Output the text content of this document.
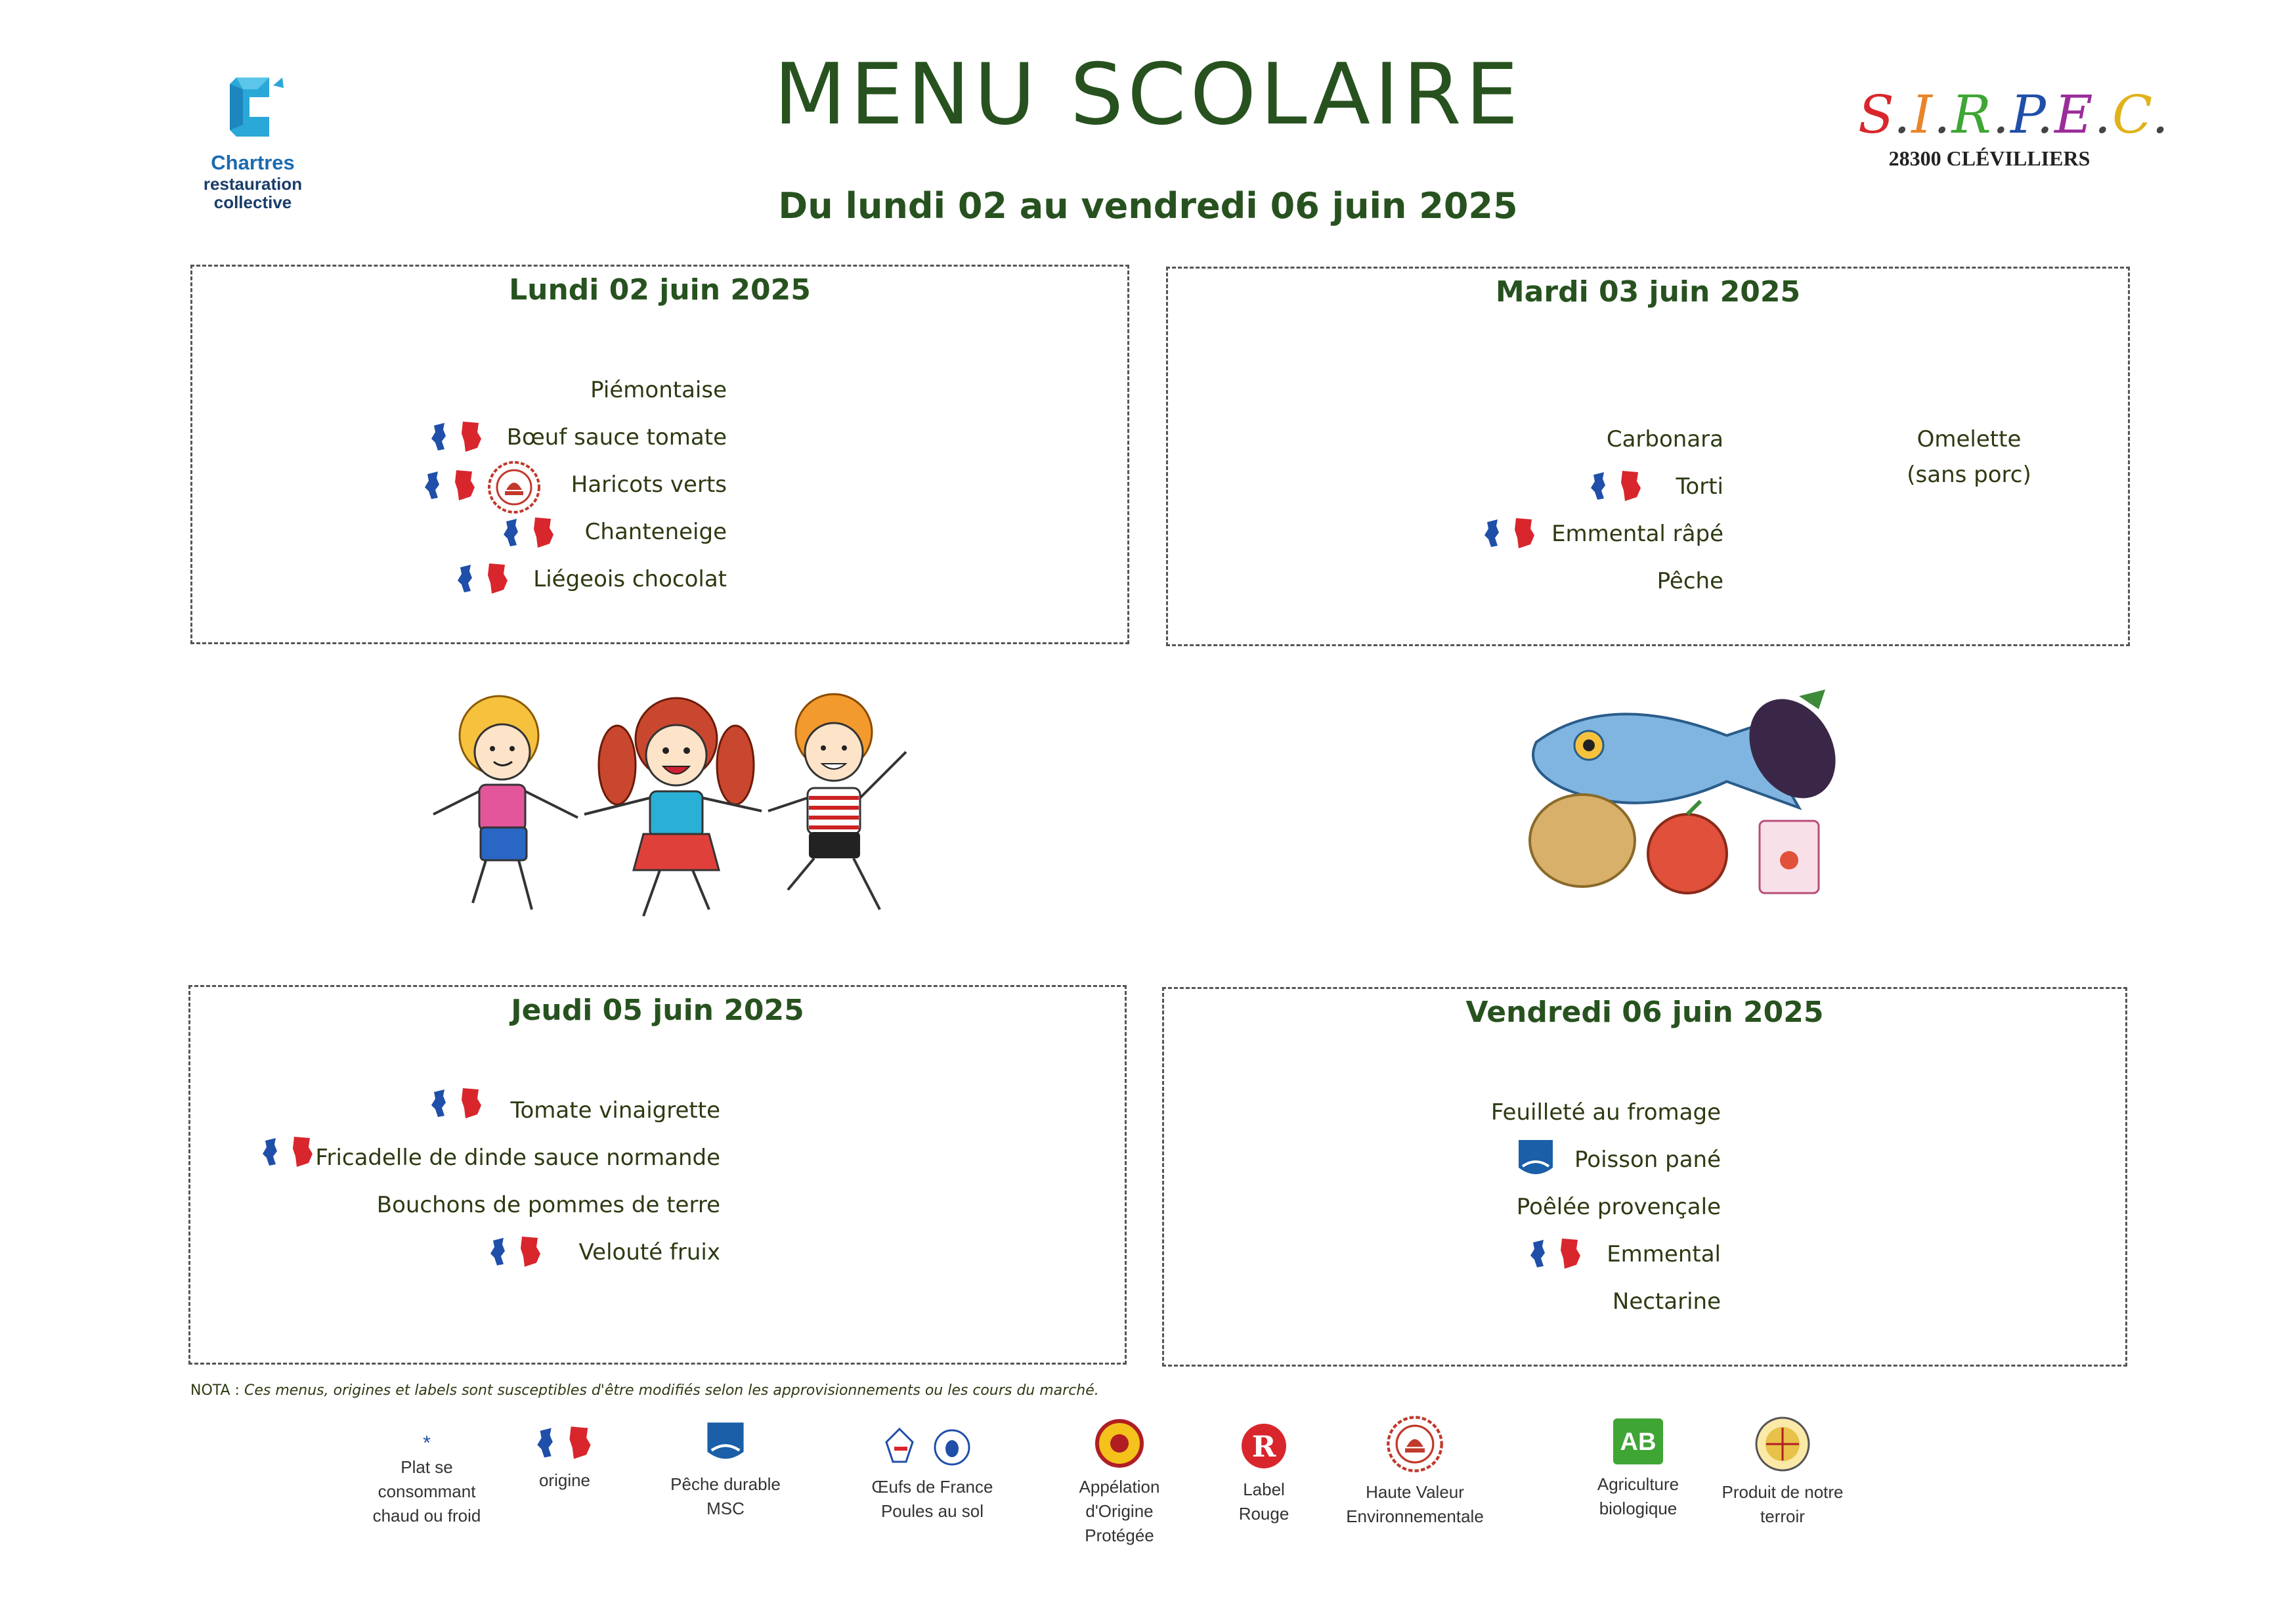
Chartres
restauration
collective
MENU SCOLAIRE
Du lundi 02 au vendredi 06 juin 2025
S.I.R.P.E.C.
28300 CLÉVILLIERS
Lundi 02 juin 2025
Piémontaise
Bœuf sauce tomate
Haricots verts
Chanteneige
Liégeois chocolat
Mardi 03 juin 2025
Carbonara
Torti
Emmental râpé
Pêche
Omelette
(sans porc)
Jeudi 05 juin 2025
Tomate vinaigrette
Fricadelle de dinde sauce normande
Bouchons de pommes de terre
Velouté fruix
Vendredi 06 juin 2025
Feuilleté au fromage
Poisson pané
Poêlée provençale
Emmental
Nectarine
NOTA : Ces menus, origines et labels sont susceptibles d'être modifiés selon les approvisionnements ou les cours du marché.
*
Plat se
consommant
chaud ou froid
origine	Pêche durable
MSC
Œufs de France
Poules au sol
Appélation
d'Origine
Protégée
R
Label
Rouge
Haute Valeur
Environnementale
AB
Agriculture
biologique
Produit de notre
terroir
